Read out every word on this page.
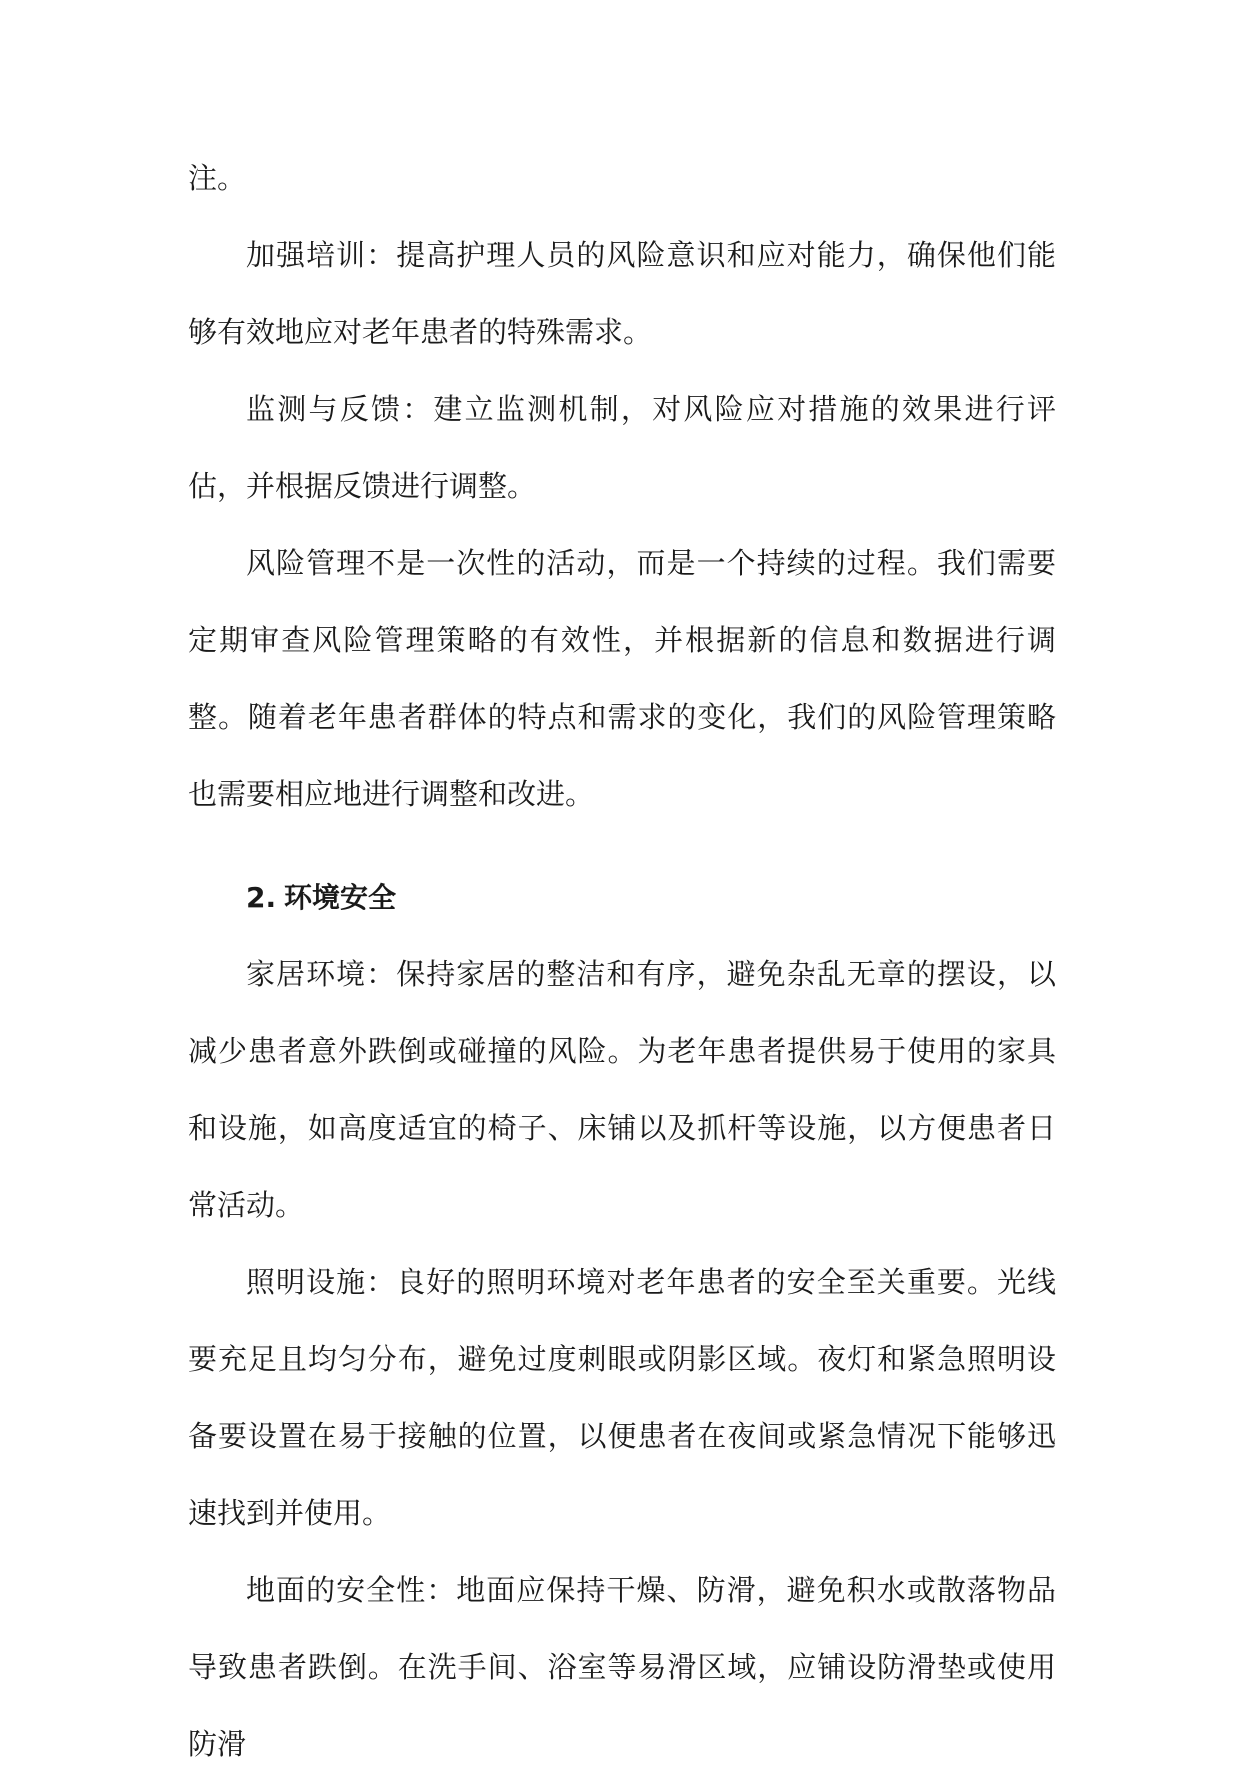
注。

加强培训：提高护理人员的风险意识和应对能力，确保他们能够有效地应对老年患者的特殊需求。

监测与反馈：建立监测机制，对风险应对措施的效果进行评估，并根据反馈进行调整。

风险管理不是一次性的活动，而是一个持续的过程。我们需要定期审查风险管理策略的有效性，并根据新的信息和数据进行调整。随着老年患者群体的特点和需求的变化，我们的风险管理策略也需要相应地进行调整和改进。

2. 环境安全

家居环境：保持家居的整洁和有序，避免杂乱无章的摆设，以减少患者意外跌倒或碰撞的风险。为老年患者提供易于使用的家具和设施，如高度适宜的椅子、床铺以及抓杆等设施，以方便患者日常活动。

照明设施：良好的照明环境对老年患者的安全至关重要。光线要充足且均匀分布，避免过度刺眼或阴影区域。夜灯和紧急照明设备要设置在易于接触的位置，以便患者在夜间或紧急情况下能够迅速找到并使用。

地面的安全性：地面应保持干燥、防滑，避免积水或散落物品导致患者跌倒。在洗手间、浴室等易滑区域，应铺设防滑垫或使用防滑
